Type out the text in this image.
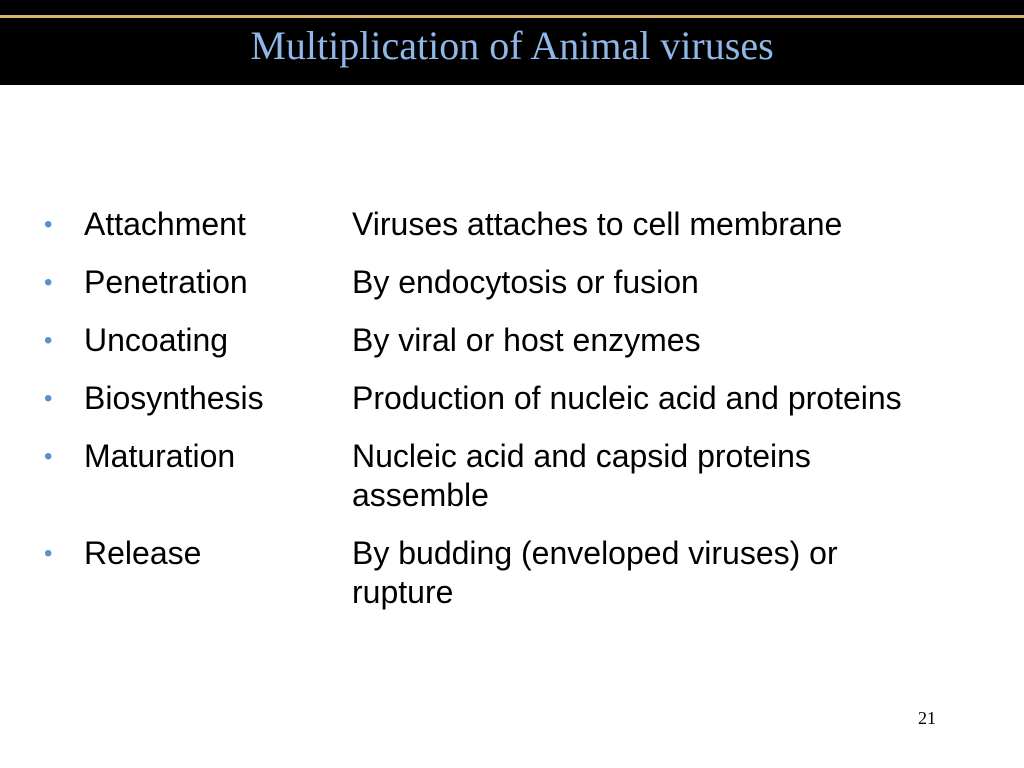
Multiplication of Animal viruses
• Attachment	Viruses attaches to cell membrane
• Penetration	By endocytosis or fusion
• Uncoating	By viral or host enzymes
• Biosynthesis	Production of nucleic acid and proteins
• Maturation	Nucleic acid and capsid proteins
assemble
• Release	By budding (enveloped viruses) or
rupture
21
